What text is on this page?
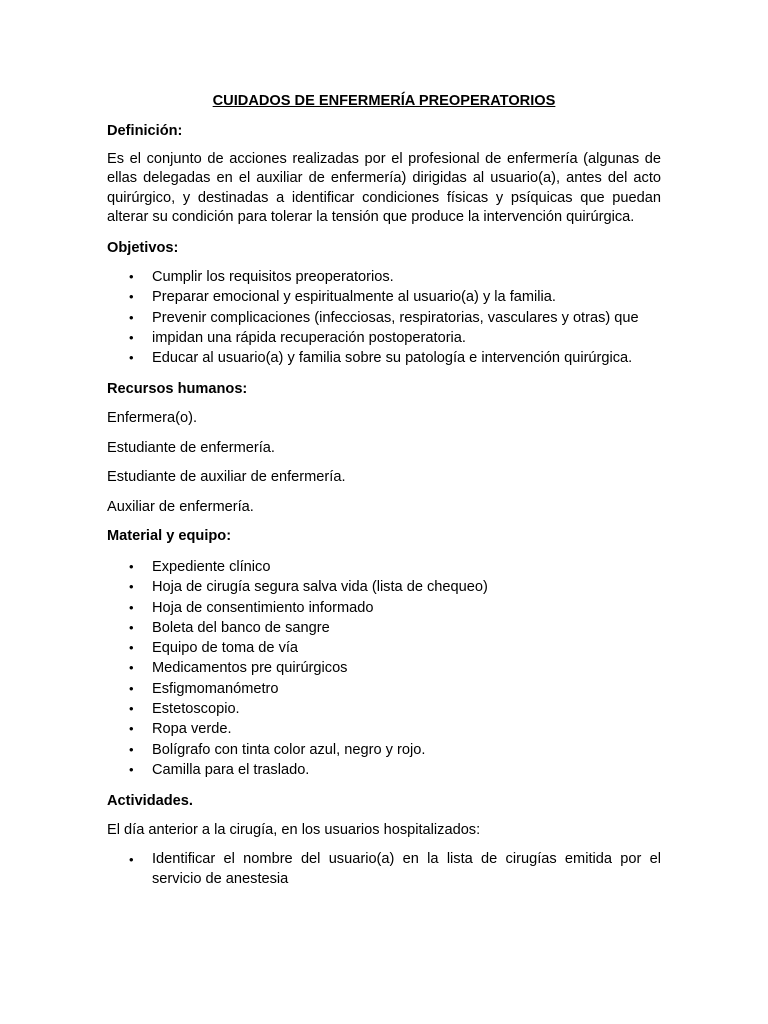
CUIDADOS DE ENFERMERÍA PREOPERATORIOS
Definición:
Es el conjunto de acciones realizadas por el profesional de enfermería (algunas de ellas delegadas en el auxiliar de enfermería) dirigidas al usuario(a), antes del acto quirúrgico, y destinadas a identificar condiciones físicas y psíquicas que puedan alterar su condición para tolerar la tensión que produce la intervención quirúrgica.
Objetivos:
• Cumplir los requisitos preoperatorios.
• Preparar emocional y espiritualmente al usuario(a) y la familia.
• Prevenir complicaciones (infecciosas, respiratorias, vasculares y otras) que
• impidan una rápida recuperación postoperatoria.
• Educar al usuario(a) y familia sobre su patología e intervención quirúrgica.
Recursos humanos:
Enfermera(o).
Estudiante de enfermería.
Estudiante de auxiliar de enfermería.
Auxiliar de enfermería.
Material y equipo:
• Expediente clínico
• Hoja de cirugía segura salva vida (lista de chequeo)
• Hoja de consentimiento informado
• Boleta del banco de sangre
• Equipo de toma de vía
• Medicamentos pre quirúrgicos
• Esfigmomanómetro
• Estetoscopio.
• Ropa verde.
• Bolígrafo con tinta color azul, negro y rojo.
• Camilla para el traslado.
Actividades.
El día anterior a la cirugía, en los usuarios hospitalizados:
• Identificar el nombre del usuario(a) en la lista de cirugías emitida por el servicio de anestesia
